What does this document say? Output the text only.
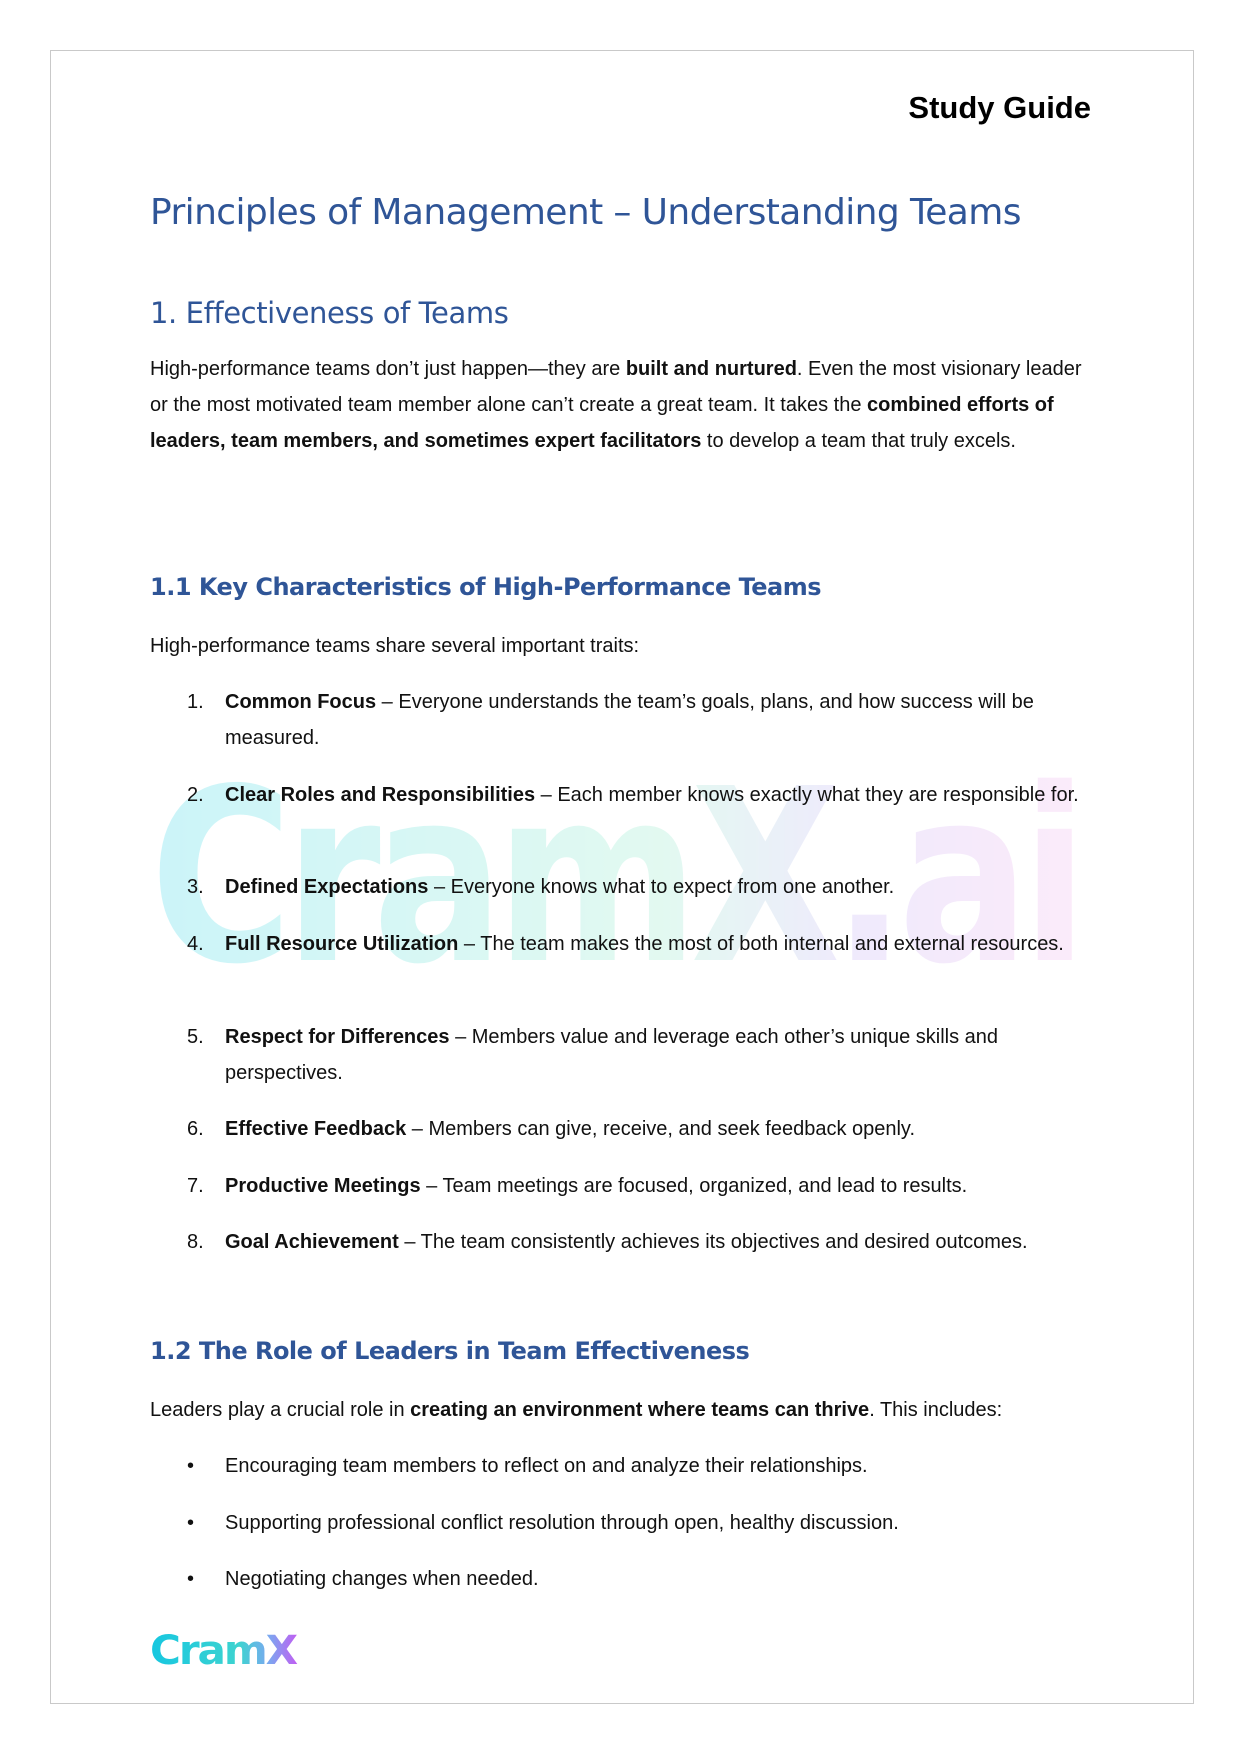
CramX.ai
Study Guide
Principles of Management – Understanding Teams
1. Effectiveness of Teams

High-performance teams don’t just happen—they are built and nurtured. Even the most visionary leader or the most motivated team member alone can’t create a great team. It takes the combined efforts of leaders, team members, and sometimes expert facilitators to develop a team that truly excels.

1.1 Key Characteristics of High-Performance Teams

High-performance teams share several important traits:

1. Common Focus – Everyone understands the team’s goals, plans, and how success will be measured.
2. Clear Roles and Responsibilities – Each member knows exactly what they are responsible for.
3. Defined Expectations – Everyone knows what to expect from one another.
4. Full Resource Utilization – The team makes the most of both internal and external resources.
5. Respect for Differences – Members value and leverage each other’s unique skills and perspectives.
6. Effective Feedback – Members can give, receive, and seek feedback openly.
7. Productive Meetings – Team meetings are focused, organized, and lead to results.
8. Goal Achievement – The team consistently achieves its objectives and desired outcomes.
1.2 The Role of Leaders in Team Effectiveness

Leaders play a crucial role in creating an environment where teams can thrive. This includes:

• Encouraging team members to reflect on and analyze their relationships.
• Supporting professional conflict resolution through open, healthy discussion.
• Negotiating changes when needed.
CramX
